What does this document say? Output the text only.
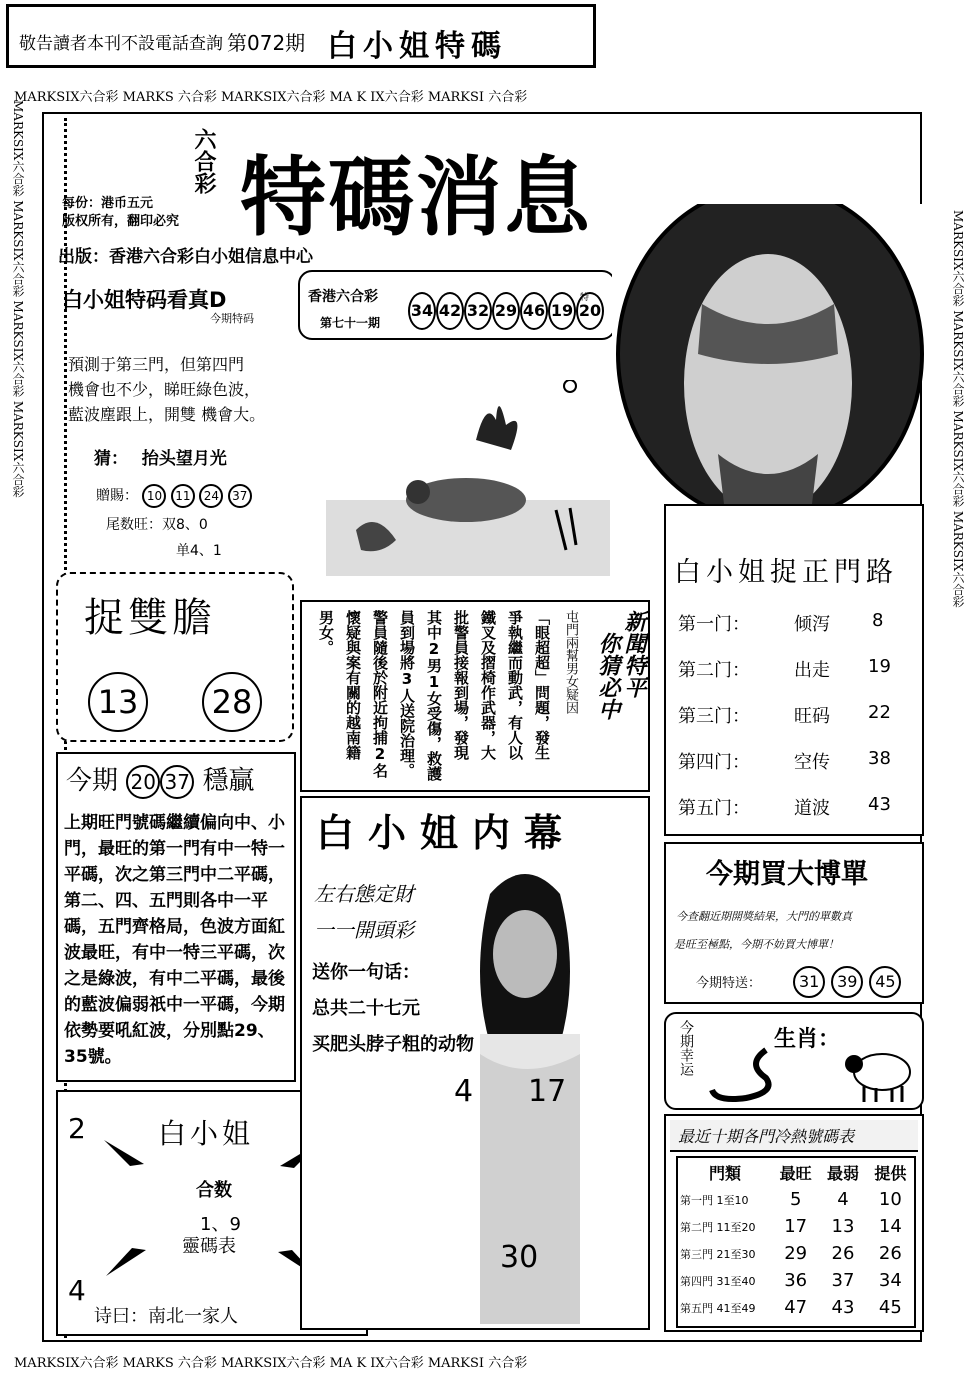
敬告讀者本刊不設電話查詢 第072期 白小姐特碼
MARKSIX六合彩 MARKS 六合彩 MARKSIX六合彩 MA K IX六合彩 MARKSI 六合彩
MARKSIX六合彩 MARKS 六合彩 MARKSIX六合彩 MA K IX六合彩 MARKSI 六合彩
MARKSIX六合彩 MARKSIX六合彩 MARKSIX六合彩 MARKSIX六合彩	MARKSIX六合彩 MARKSIX六合彩 MARKSIX六合彩 MARKSIX六合彩
六合彩 特碼消息
每份：港币五元
版权所有，翻印必究
出版：香港六合彩白小姐信息中心
香港六合彩
第七十一期
34 42 32 29 46 19
特
20
白小姐特码看真D
今期特码
預測于第三門，但第四門
機會也不少，睇旺綠色波，
藍波塵跟上，開雙 機會大。
猜： 抬头望月光
贈賜： 10 11 24 37
尾数旺：双8、0
单4、1
捉雙膽
13	28
今期 20 37 穩贏
上期旺門號碼繼續偏向中、小門，最旺的第一門有中一特一平碼，次之第三門中二平碼，第二、四、五門則各中一平碼，五門齊格局，色波方面紅波最旺，有中一特三平碼，次之是綠波，有中二平碼，最後的藍波偏弱祇中一平碼，今期依勢要吼紅波，分別點29、35號。
2
4
白小姐
合数
1、9
靈碼表
诗曰：南北一家人
新聞特平
你猜必中
屯門兩幫男女疑因
「眼超超」問題，發生
爭執繼而動武，有人以
鐵叉及摺椅作武器，大
批警員接報到場，發現
其中2男1女受傷，救護
員到場將3人送院治理。
警員隨後於附近拘捕2名
懷疑與案有關的越南籍
男女。
白小姐内幕
左右態定財
一一開頭彩
送你一句话：
总共二十七元
买肥头脖子粗的动物
4 17
30
白小姐捉正門路
第一门： 倾泻 8
第二门： 出走 19
第三门： 旺码 22
第四门： 空传 38
第五门： 道波 43
今期買大博單
今查翻近期開獎結果，大門的單數真
是旺至極點，今期不妨買大博單！
今期特送： 31 39 45
今期幸运	生肖：
最近十期各門冷熱號碼表
門類	最旺	最弱	提供
第一門 1至10	5	4	10
第二門 11至20	17	13	14
第三門 21至30	29	26	26
第四門 31至40	36	37	34
第五門 41至49	47	43	45
